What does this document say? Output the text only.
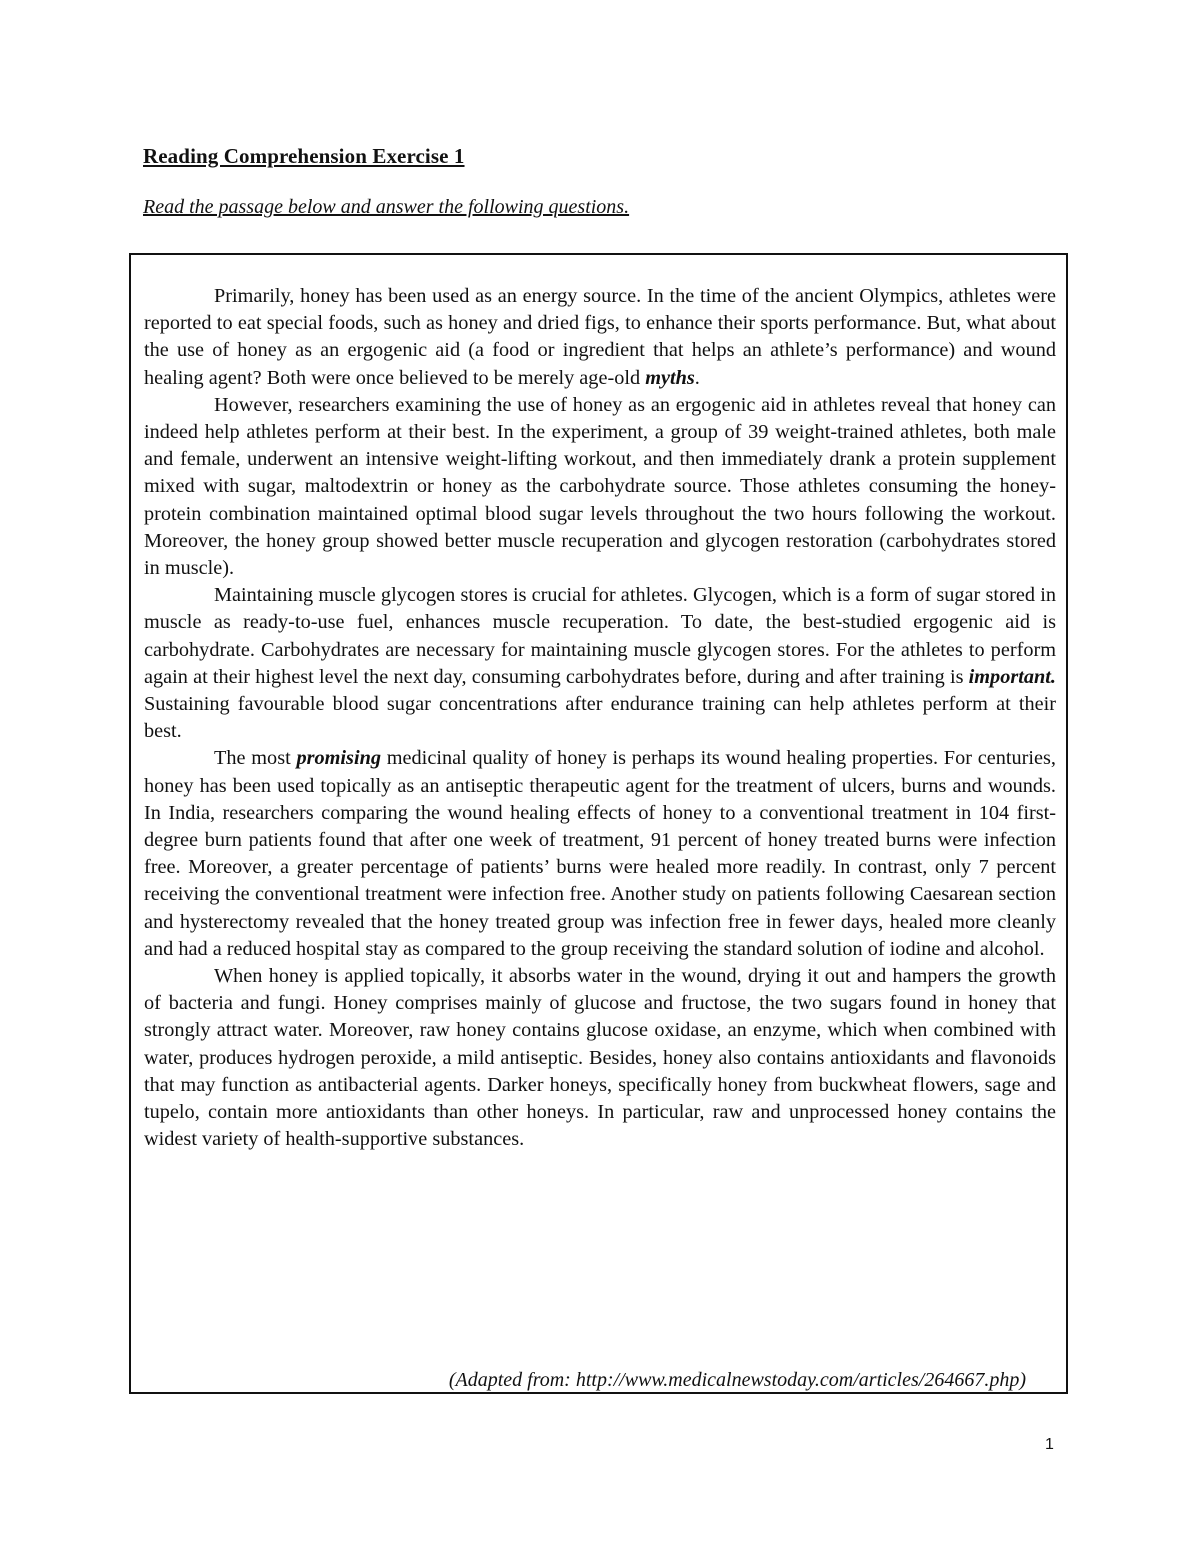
Reading Comprehension Exercise 1
Read the passage below and answer the following questions.

Primarily, honey has been used as an energy source. In the time of the ancient Olympics, athletes were reported to eat special foods, such as honey and dried figs, to enhance their sports performance. But, what about the use of honey as an ergogenic aid (a food or ingredient that helps an athlete’s performance) and wound healing agent? Both were once believed to be merely age-old myths.

However, researchers examining the use of honey as an ergogenic aid in athletes reveal that honey can indeed help athletes perform at their best. In the experiment, a group of 39 weight-trained athletes, both male and female, underwent an intensive weight-lifting workout, and then immediately drank a protein supplement mixed with sugar, maltodextrin or honey as the carbohydrate source. Those athletes consuming the honey-protein combination maintained optimal blood sugar levels throughout the two hours following the workout. Moreover, the honey group showed better muscle recuperation and glycogen restoration (carbohydrates stored in muscle).

Maintaining muscle glycogen stores is crucial for athletes. Glycogen, which is a form of sugar stored in muscle as ready-to-use fuel, enhances muscle recuperation. To date, the best-studied ergogenic aid is carbohydrate. Carbohydrates are necessary for maintaining muscle glycogen stores. For the athletes to perform again at their highest level the next day, consuming carbohydrates before, during and after training is important. Sustaining favourable blood sugar concentrations after endurance training can help athletes perform at their best.

The most promising medicinal quality of honey is perhaps its wound healing properties. For centuries, honey has been used topically as an antiseptic therapeutic agent for the treatment of ulcers, burns and wounds. In India, researchers comparing the wound healing effects of honey to a conventional treatment in 104 first-degree burn patients found that after one week of treatment, 91 percent of honey treated burns were infection free. Moreover, a greater percentage of patients’ burns were healed more readily. In contrast, only 7 percent receiving the conventional treatment were infection free. Another study on patients following Caesarean section and hysterectomy revealed that the honey treated group was infection free in fewer days, healed more cleanly and had a reduced hospital stay as compared to the group receiving the standard solution of iodine and alcohol.

When honey is applied topically, it absorbs water in the wound, drying it out and hampers the growth of bacteria and fungi. Honey comprises mainly of glucose and fructose, the two sugars found in honey that strongly attract water. Moreover, raw honey contains glucose oxidase, an enzyme, which when combined with water, produces hydrogen peroxide, a mild antiseptic. Besides, honey also contains antioxidants and flavonoids that may function as antibacterial agents. Darker honeys, specifically honey from buckwheat flowers, sage and tupelo, contain more antioxidants than other honeys. In particular, raw and unprocessed honey contains the widest variety of health-supportive substances.

(Adapted from: http://www.medicalnewstoday.com/articles/264667.php)
1
